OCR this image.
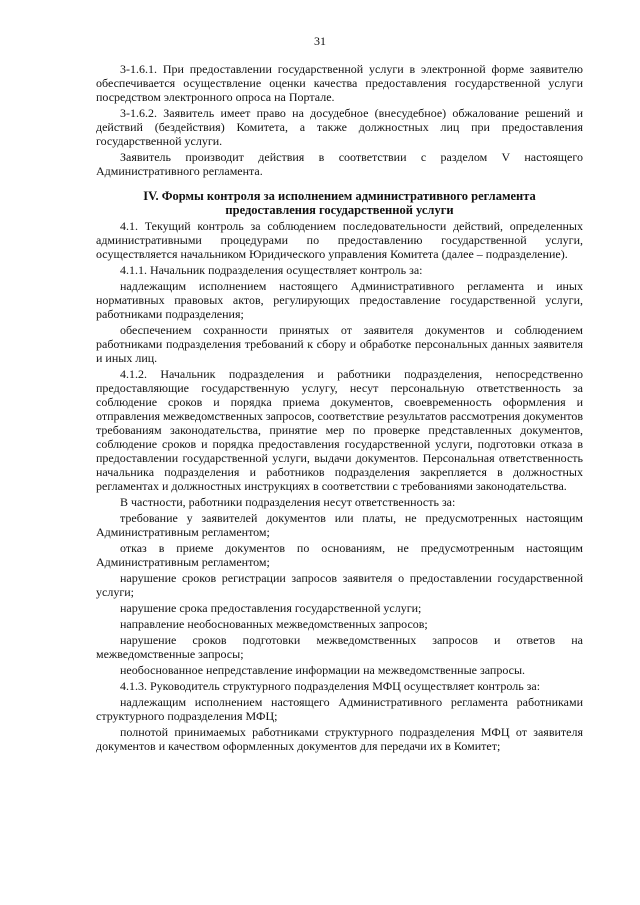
31

3-1.6.1. При предоставлении государственной услуги в электронной форме заявителю обеспечивается осуществление оценки качества предоставления государственной услуги посредством электронного опроса на Портале.

3-1.6.2. Заявитель имеет право на досудебное (внесудебное) обжалование решений и действий (бездействия) Комитета, а также должностных лиц при предоставления государственной услуги.

Заявитель производит действия в соответствии с разделом V настоящего Административного регламента.

IV. Формы контроля за исполнением административного регламента
предоставления государственной услуги

4.1. Текущий контроль за соблюдением последовательности действий, определенных административными процедурами по предоставлению государственной услуги, осуществляется начальником Юридического управления Комитета (далее – подразделение).

4.1.1. Начальник подразделения осуществляет контроль за:

надлежащим исполнением настоящего Административного регламента и иных нормативных правовых актов, регулирующих предоставление государственной услуги, работниками подразделения;

обеспечением сохранности принятых от заявителя документов и соблюдением работниками подразделения требований к сбору и обработке персональных данных заявителя и иных лиц.

4.1.2. Начальник подразделения и работники подразделения, непосредственно предоставляющие государственную услугу, несут персональную ответственность за соблюдение сроков и порядка приема документов, своевременность оформления и отправления межведомственных запросов, соответствие результатов рассмотрения документов требованиям законодательства, принятие мер по проверке представленных документов, соблюдение сроков и порядка предоставления государственной услуги, подготовки отказа в предоставлении государственной услуги, выдачи документов. Персональная ответственность начальника подразделения и работников подразделения закрепляется в должностных регламентах и должностных инструкциях в соответствии с требованиями законодательства.

В частности, работники подразделения несут ответственность за:

требование у заявителей документов или платы, не предусмотренных настоящим Административным регламентом;

отказ в приеме документов по основаниям, не предусмотренным настоящим Административным регламентом;

нарушение сроков регистрации запросов заявителя о предоставлении государственной услуги;

нарушение срока предоставления государственной услуги;

направление необоснованных межведомственных запросов;

нарушение сроков подготовки межведомственных запросов и ответов на межведомственные запросы;

необоснованное непредставление информации на межведомственные запросы.

4.1.3. Руководитель структурного подразделения МФЦ осуществляет контроль за:

надлежащим исполнением настоящего Административного регламента работниками структурного подразделения МФЦ;

полнотой принимаемых работниками структурного подразделения МФЦ от заявителя документов и качеством оформленных документов для передачи их в Комитет;
